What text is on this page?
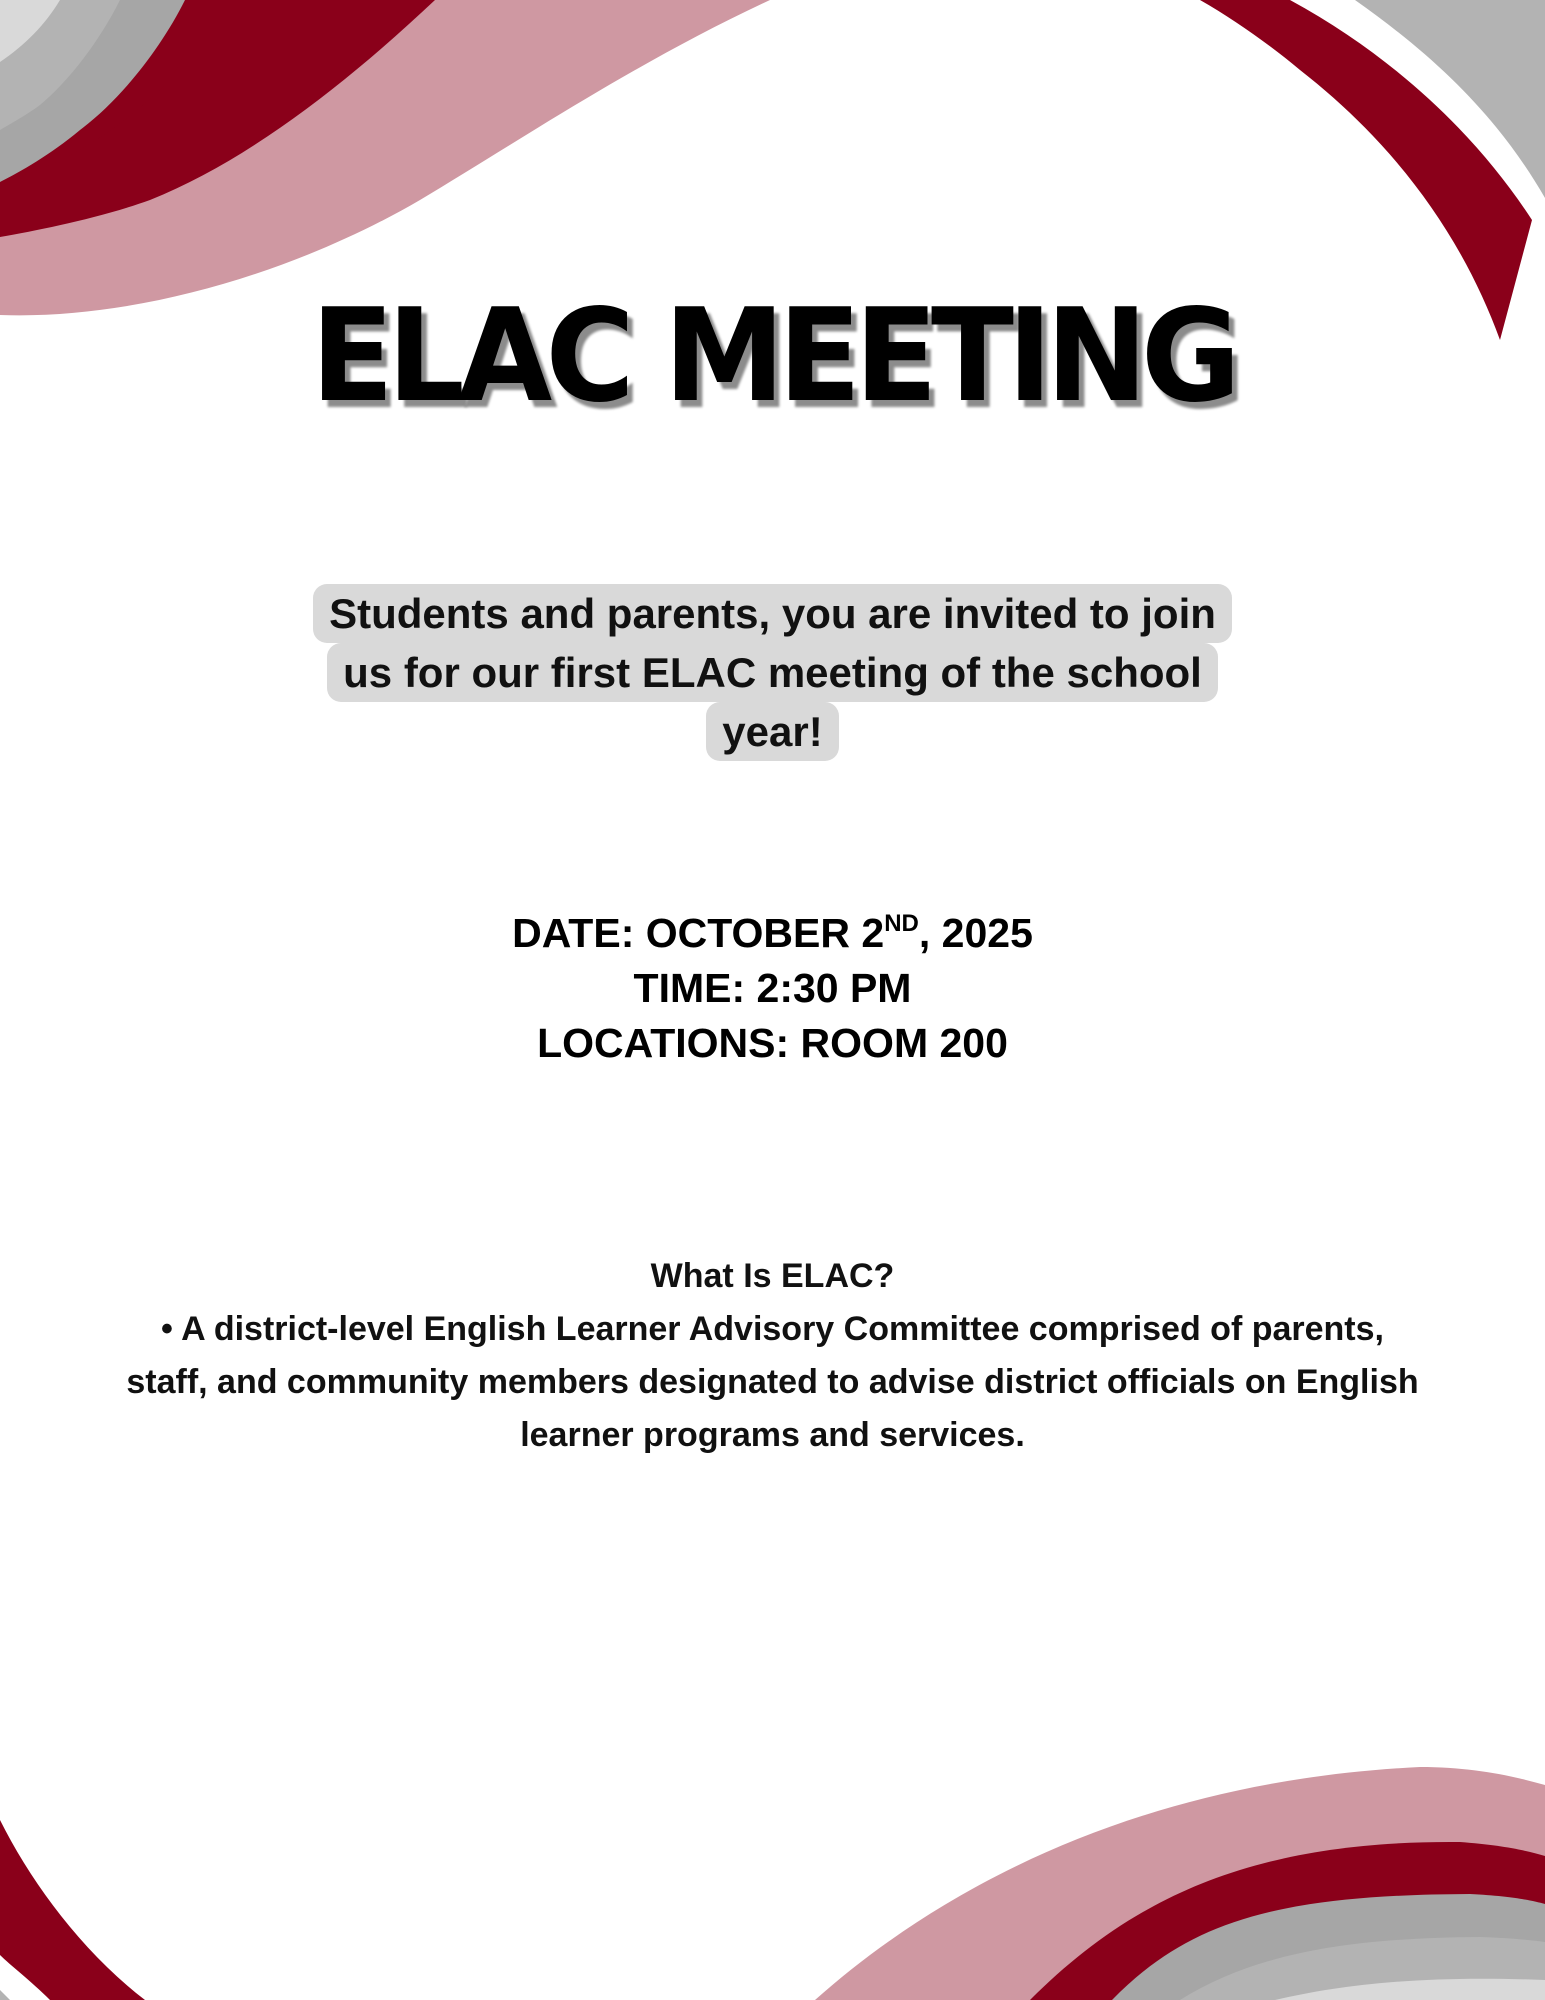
ELAC MEETING
Students and parents, you are invited to join us for our first ELAC meeting of the school year!
DATE: OCTOBER 2ND, 2025
TIME: 2:30 PM
LOCATIONS: ROOM 200

What Is ELAC?

• A district-level English Learner Advisory Committee comprised of parents, staff, and community members designated to advise district officials on English learner programs and services.
